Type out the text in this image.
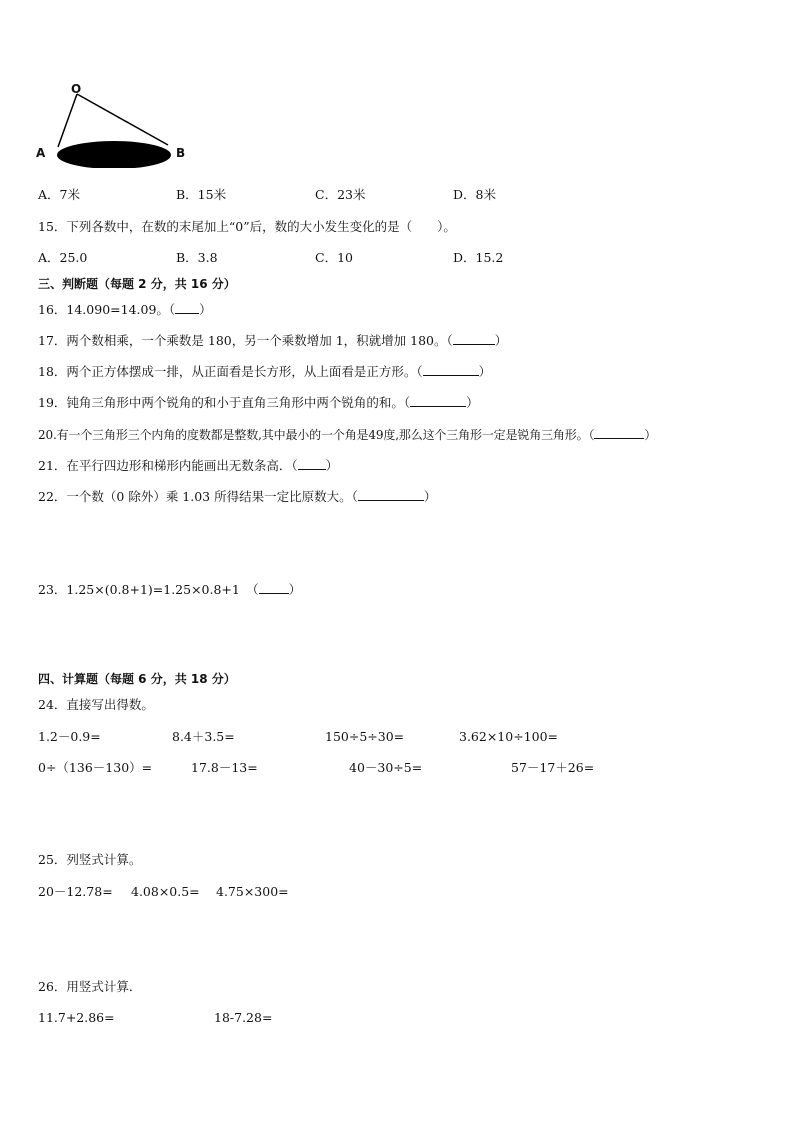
O
A	B
A．7米	B．15米	C．23米	D．8米
15．下列各数中，在数的末尾加上“0”后，数的大小发生变化的是（　　）。
A．25.0	B．3.8	C．10	D．15.2
三、判断题（每题 2 分，共 16 分）
16．14.090=14.09。（ ）
17．两个数相乘，一个乘数是 180，另一个乘数增加 1，积就增加 180。（	）
18．两个正方体摆成一排，从正面看是长方形，从上面看是正方形。（	）
19．钝角三角形中两个锐角的和小于直角三角形中两个锐角的和。（	）
20.有一个三角形三个内角的度数都是整数,其中最小的一个角是49度,那么这个三角形一定是锐角三角形。（	）
21．在平行四边形和梯形内能画出无数条高．（ ）
22．一个数（0 除外）乘 1.03 所得结果一定比原数大。（	）
23．1.25×(0.8+1)=1.25×0.8+1　（ ）
四、计算题（每题 6 分，共 18 分）
24．直接写出得数。
1.2－0.9=	8.4＋3.5=	150÷5÷30=	3.62×10÷100=
0÷（136－130）=	17.8－13=	40－30÷5=	57－17＋26=
25．列竖式计算。
20－12.78= 4.08×0.5= 4.75×300=
26．用竖式计算．
11.7+2.86=	18-7.28=
